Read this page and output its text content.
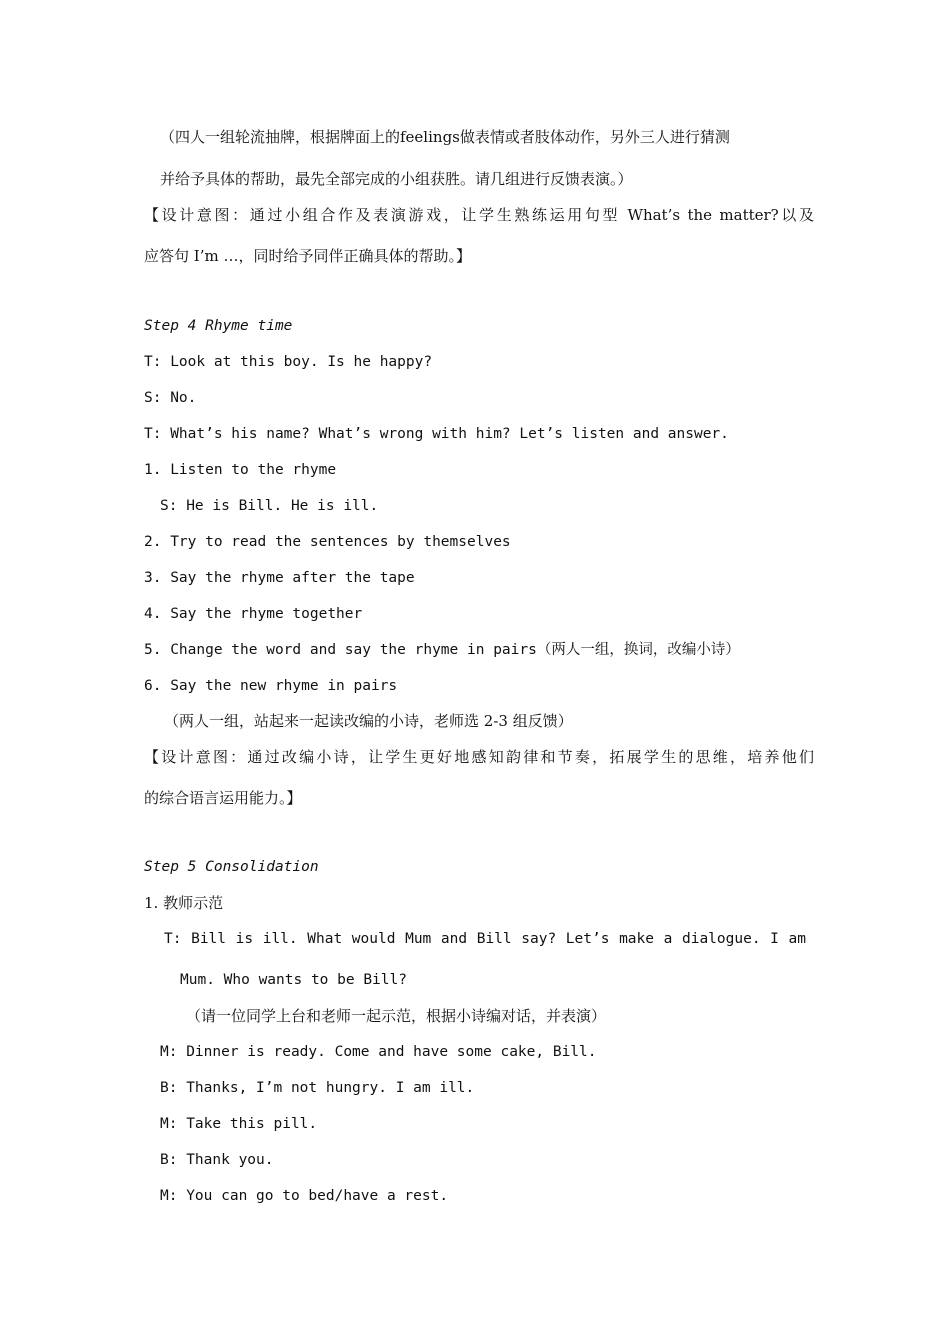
（四人一组轮流抽牌，根据牌面上的feelings做表情或者肢体动作，另外三人进行猜测
并给予具体的帮助，最先全部完成的小组获胜。请几组进行反馈表演。）
【设计意图：通过小组合作及表演游戏，让学生熟练运用句型 What’s the matter?以及
应答句 I’m …，同时给予同伴正确具体的帮助。】
Step 4 Rhyme time
T: Look at this boy. Is he happy?
S: No.
T: What’s his name? What’s wrong with him? Let’s listen and answer.
1. Listen to the rhyme
S: He is Bill. He is ill.
2. Try to read the sentences by themselves
3. Say the rhyme after the tape
4. Say the rhyme together
5. Change the word and say the rhyme in pairs（两人一组，换词，改编小诗）
6. Say the new rhyme in pairs
（两人一组，站起来一起读改编的小诗，老师选 2-3 组反馈）
【设计意图：通过改编小诗，让学生更好地感知韵律和节奏，拓展学生的思维，培养他们
的综合语言运用能力。】
Step 5 Consolidation
1. 教师示范
T: Bill is ill. What would Mum and Bill say? Let’s make a dialogue. I am
Mum. Who wants to be Bill?
（请一位同学上台和老师一起示范，根据小诗编对话，并表演）
M: Dinner is ready. Come and have some cake, Bill.
B: Thanks, I’m not hungry. I am ill.
M: Take this pill.
B: Thank you.
M: You can go to bed/have a rest.
